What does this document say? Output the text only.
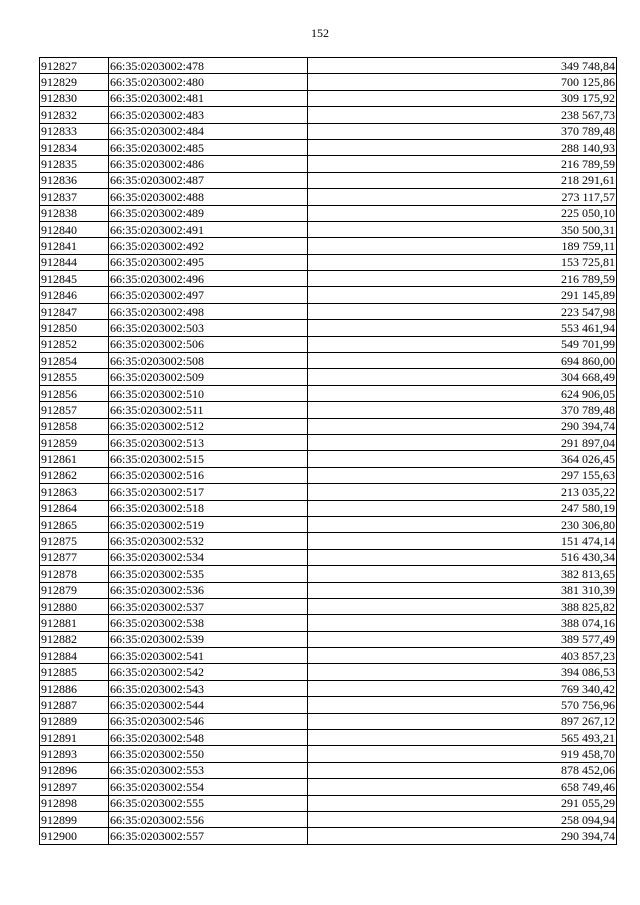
152
912827	66:35:0203002:478	349 748,84
912829	66:35:0203002:480	700 125,86
912830	66:35:0203002:481	309 175,92
912832	66:35:0203002:483	238 567,73
912833	66:35:0203002:484	370 789,48
912834	66:35:0203002:485	288 140,93
912835	66:35:0203002:486	216 789,59
912836	66:35:0203002:487	218 291,61
912837	66:35:0203002:488	273 117,57
912838	66:35:0203002:489	225 050,10
912840	66:35:0203002:491	350 500,31
912841	66:35:0203002:492	189 759,11
912844	66:35:0203002:495	153 725,81
912845	66:35:0203002:496	216 789,59
912846	66:35:0203002:497	291 145,89
912847	66:35:0203002:498	223 547,98
912850	66:35:0203002:503	553 461,94
912852	66:35:0203002:506	549 701,99
912854	66:35:0203002:508	694 860,00
912855	66:35:0203002:509	304 668,49
912856	66:35:0203002:510	624 906,05
912857	66:35:0203002:511	370 789,48
912858	66:35:0203002:512	290 394,74
912859	66:35:0203002:513	291 897,04
912861	66:35:0203002:515	364 026,45
912862	66:35:0203002:516	297 155,63
912863	66:35:0203002:517	213 035,22
912864	66:35:0203002:518	247 580,19
912865	66:35:0203002:519	230 306,80
912875	66:35:0203002:532	151 474,14
912877	66:35:0203002:534	516 430,34
912878	66:35:0203002:535	382 813,65
912879	66:35:0203002:536	381 310,39
912880	66:35:0203002:537	388 825,82
912881	66:35:0203002:538	388 074,16
912882	66:35:0203002:539	389 577,49
912884	66:35:0203002:541	403 857,23
912885	66:35:0203002:542	394 086,53
912886	66:35:0203002:543	769 340,42
912887	66:35:0203002:544	570 756,96
912889	66:35:0203002:546	897 267,12
912891	66:35:0203002:548	565 493,21
912893	66:35:0203002:550	919 458,70
912896	66:35:0203002:553	878 452,06
912897	66:35:0203002:554	658 749,46
912898	66:35:0203002:555	291 055,29
912899	66:35:0203002:556	258 094,94
912900	66:35:0203002:557	290 394,74
